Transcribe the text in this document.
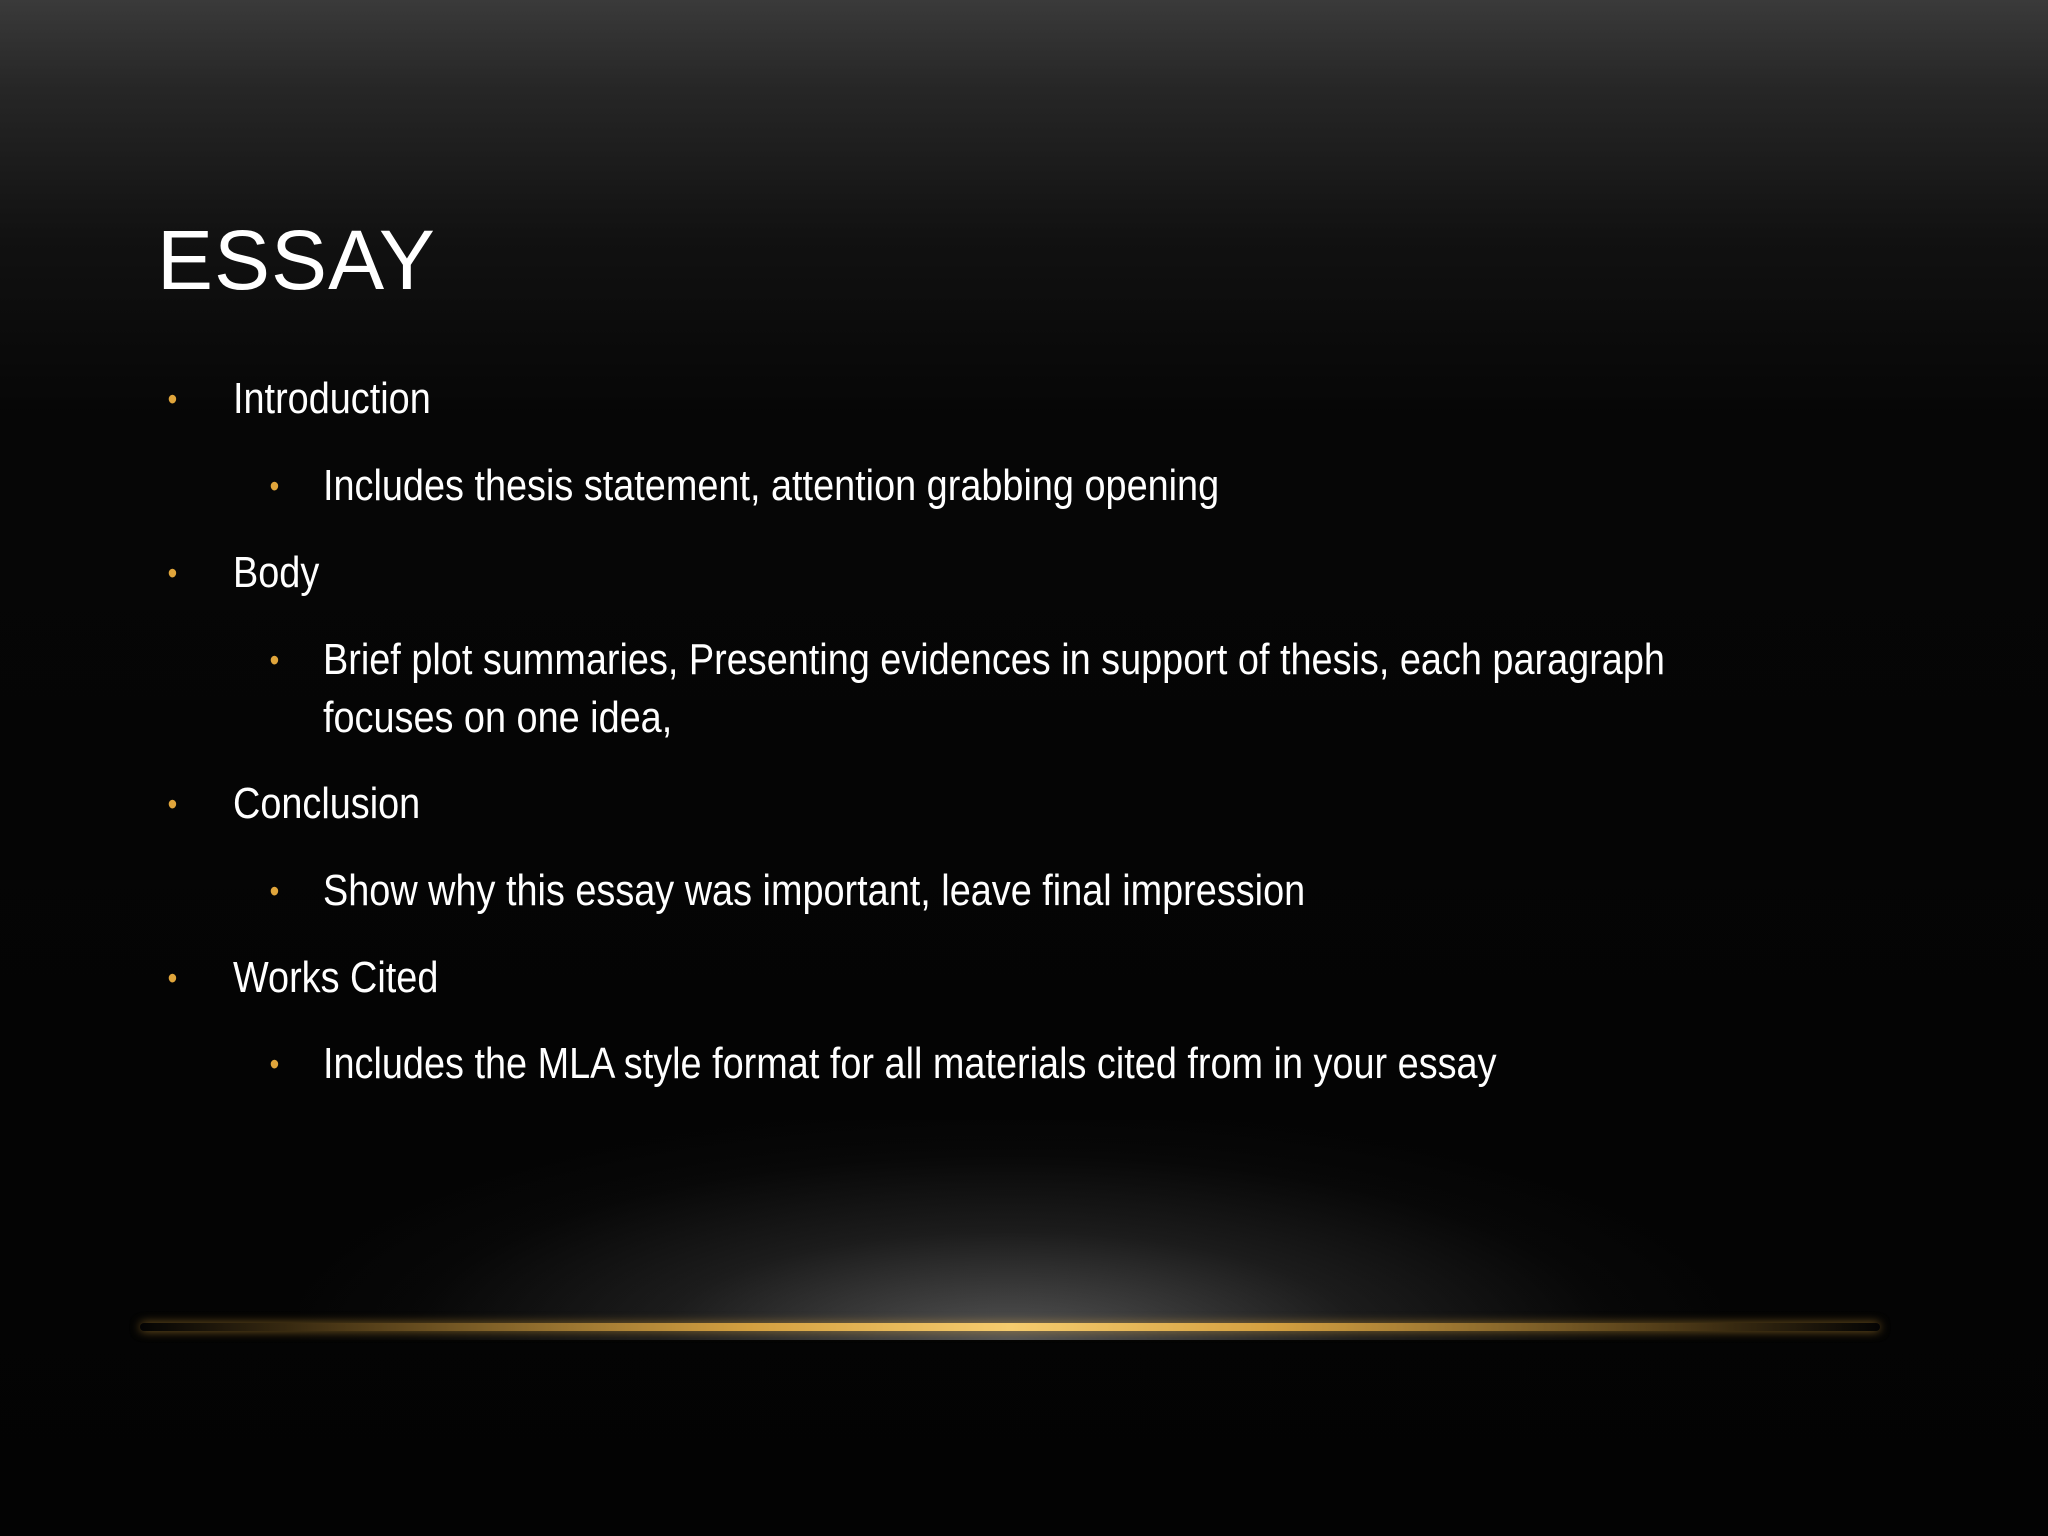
ESSAY
• Introduction
• Includes thesis statement, attention grabbing opening
• Body
• Brief plot summaries, Presenting evidences in support of thesis, each paragraph
focuses on one idea,
• Conclusion
• Show why this essay was important, leave final impression
• Works Cited
• Includes the MLA style format for all materials cited from in your essay
